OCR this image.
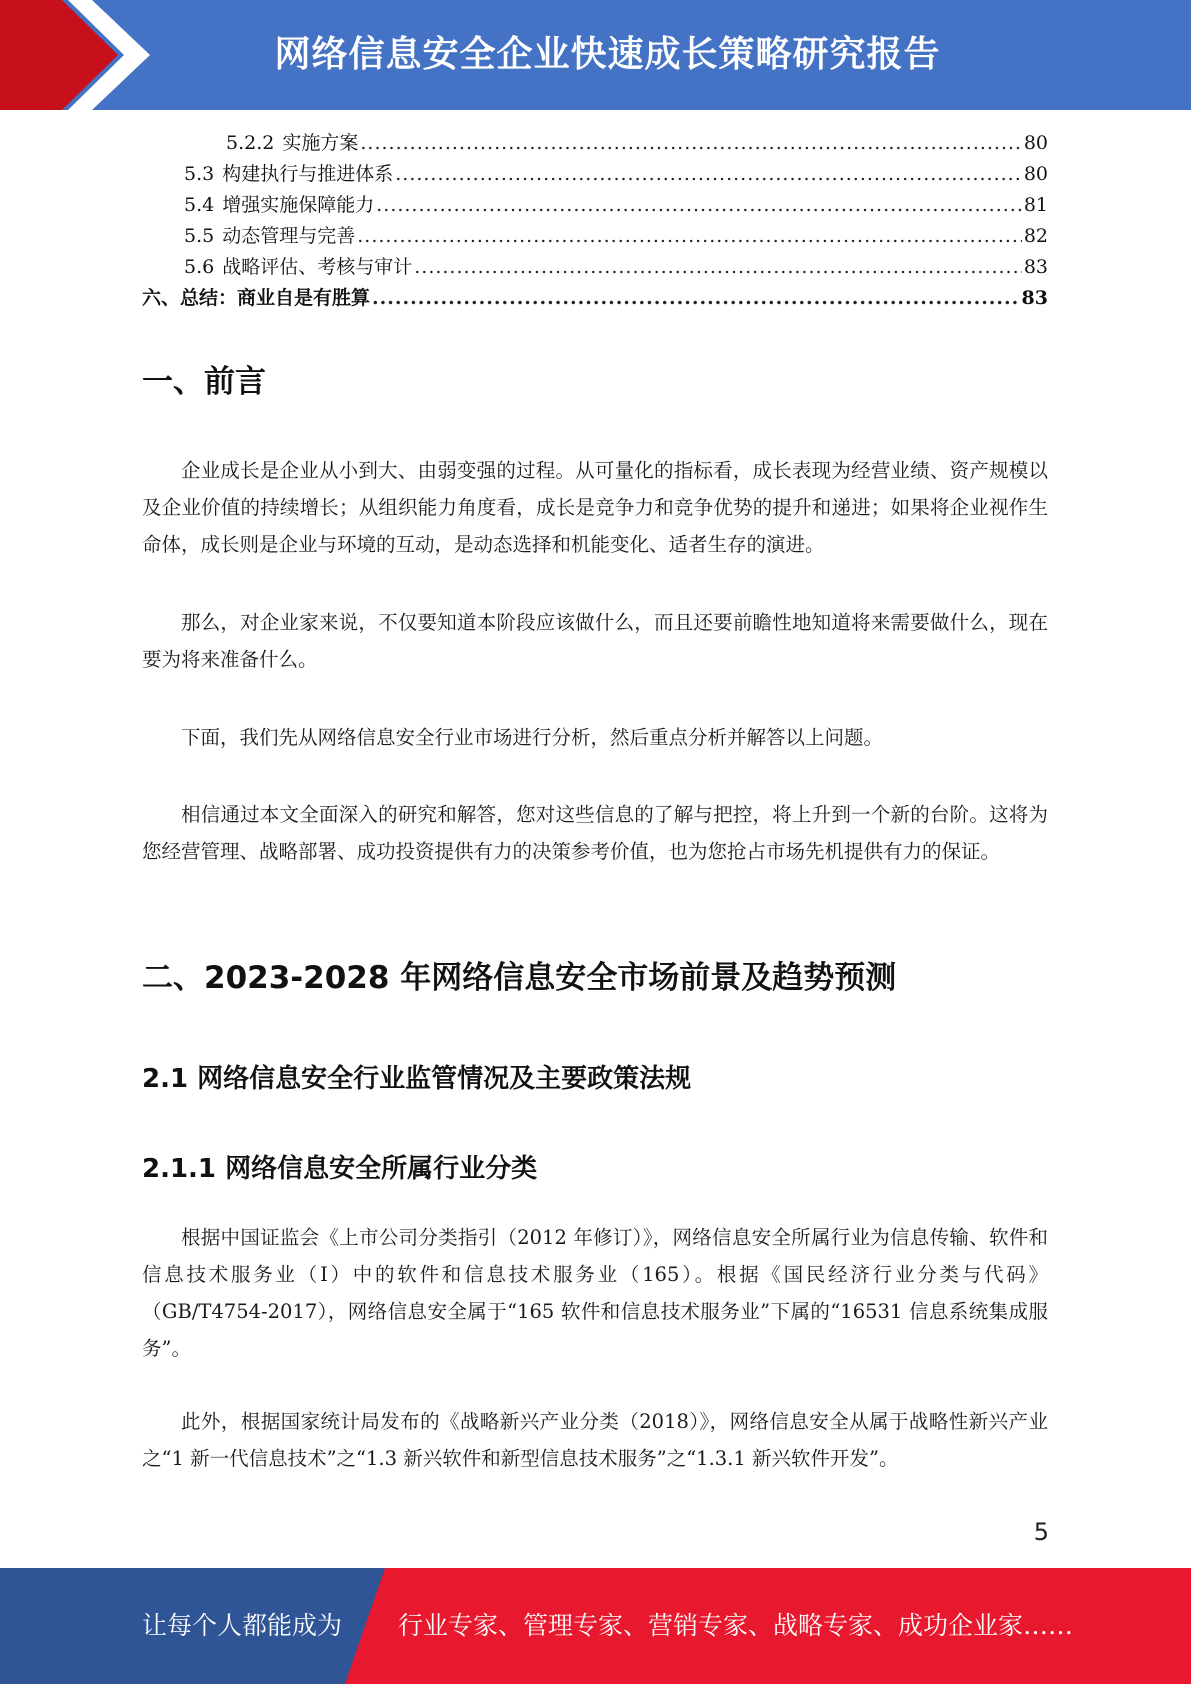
网络信息安全企业快速成长策略研究报告
5.2.2 实施方案 .....	80
5.3 构建执行与推进体系 .....	80
5.4 增强实施保障能力 .....	81
5.5 动态管理与完善 .....	82
5.6 战略评估、考核与审计 .....	83
六、总结：商业自是有胜算 .....	83
一、前言

企业成长是企业从小到大、由弱变强的过程。从可量化的指标看，成长表现为经营业绩、资产规模以及企业价值的持续增长；从组织能力角度看，成长是竞争力和竞争优势的提升和递进；如果将企业视作生命体，成长则是企业与环境的互动，是动态选择和机能变化、适者生存的演进。

那么，对企业家来说，不仅要知道本阶段应该做什么，而且还要前瞻性地知道将来需要做什么，现在要为将来准备什么。

下面，我们先从网络信息安全行业市场进行分析，然后重点分析并解答以上问题。

相信通过本文全面深入的研究和解答，您对这些信息的了解与把控，将上升到一个新的台阶。这将为您经营管理、战略部署、成功投资提供有力的决策参考价值，也为您抢占市场先机提供有力的保证。

二、2023-2028 年网络信息安全市场前景及趋势预测
2.1 网络信息安全行业监管情况及主要政策法规
2.1.1 网络信息安全所属行业分类

根据中国证监会《上市公司分类指引（2012 年修订）》，网络信息安全所属行业为信息传输、软件和信息技术服务业（I）中的软件和信息技术服务业（165）。根据《国民经济行业分类与代码》（GB/T4754-2017），网络信息安全属于“165 软件和信息技术服务业”下属的“16531 信息系统集成服务”。

此外，根据国家统计局发布的《战略新兴产业分类（2018）》，网络信息安全从属于战略性新兴产业之“1 新一代信息技术”之“1.3 新兴软件和新型信息技术服务”之“1.3.1 新兴软件开发”。

5
让每个人都能成为 行业专家、管理专家、营销专家、战略专家、成功企业家……
